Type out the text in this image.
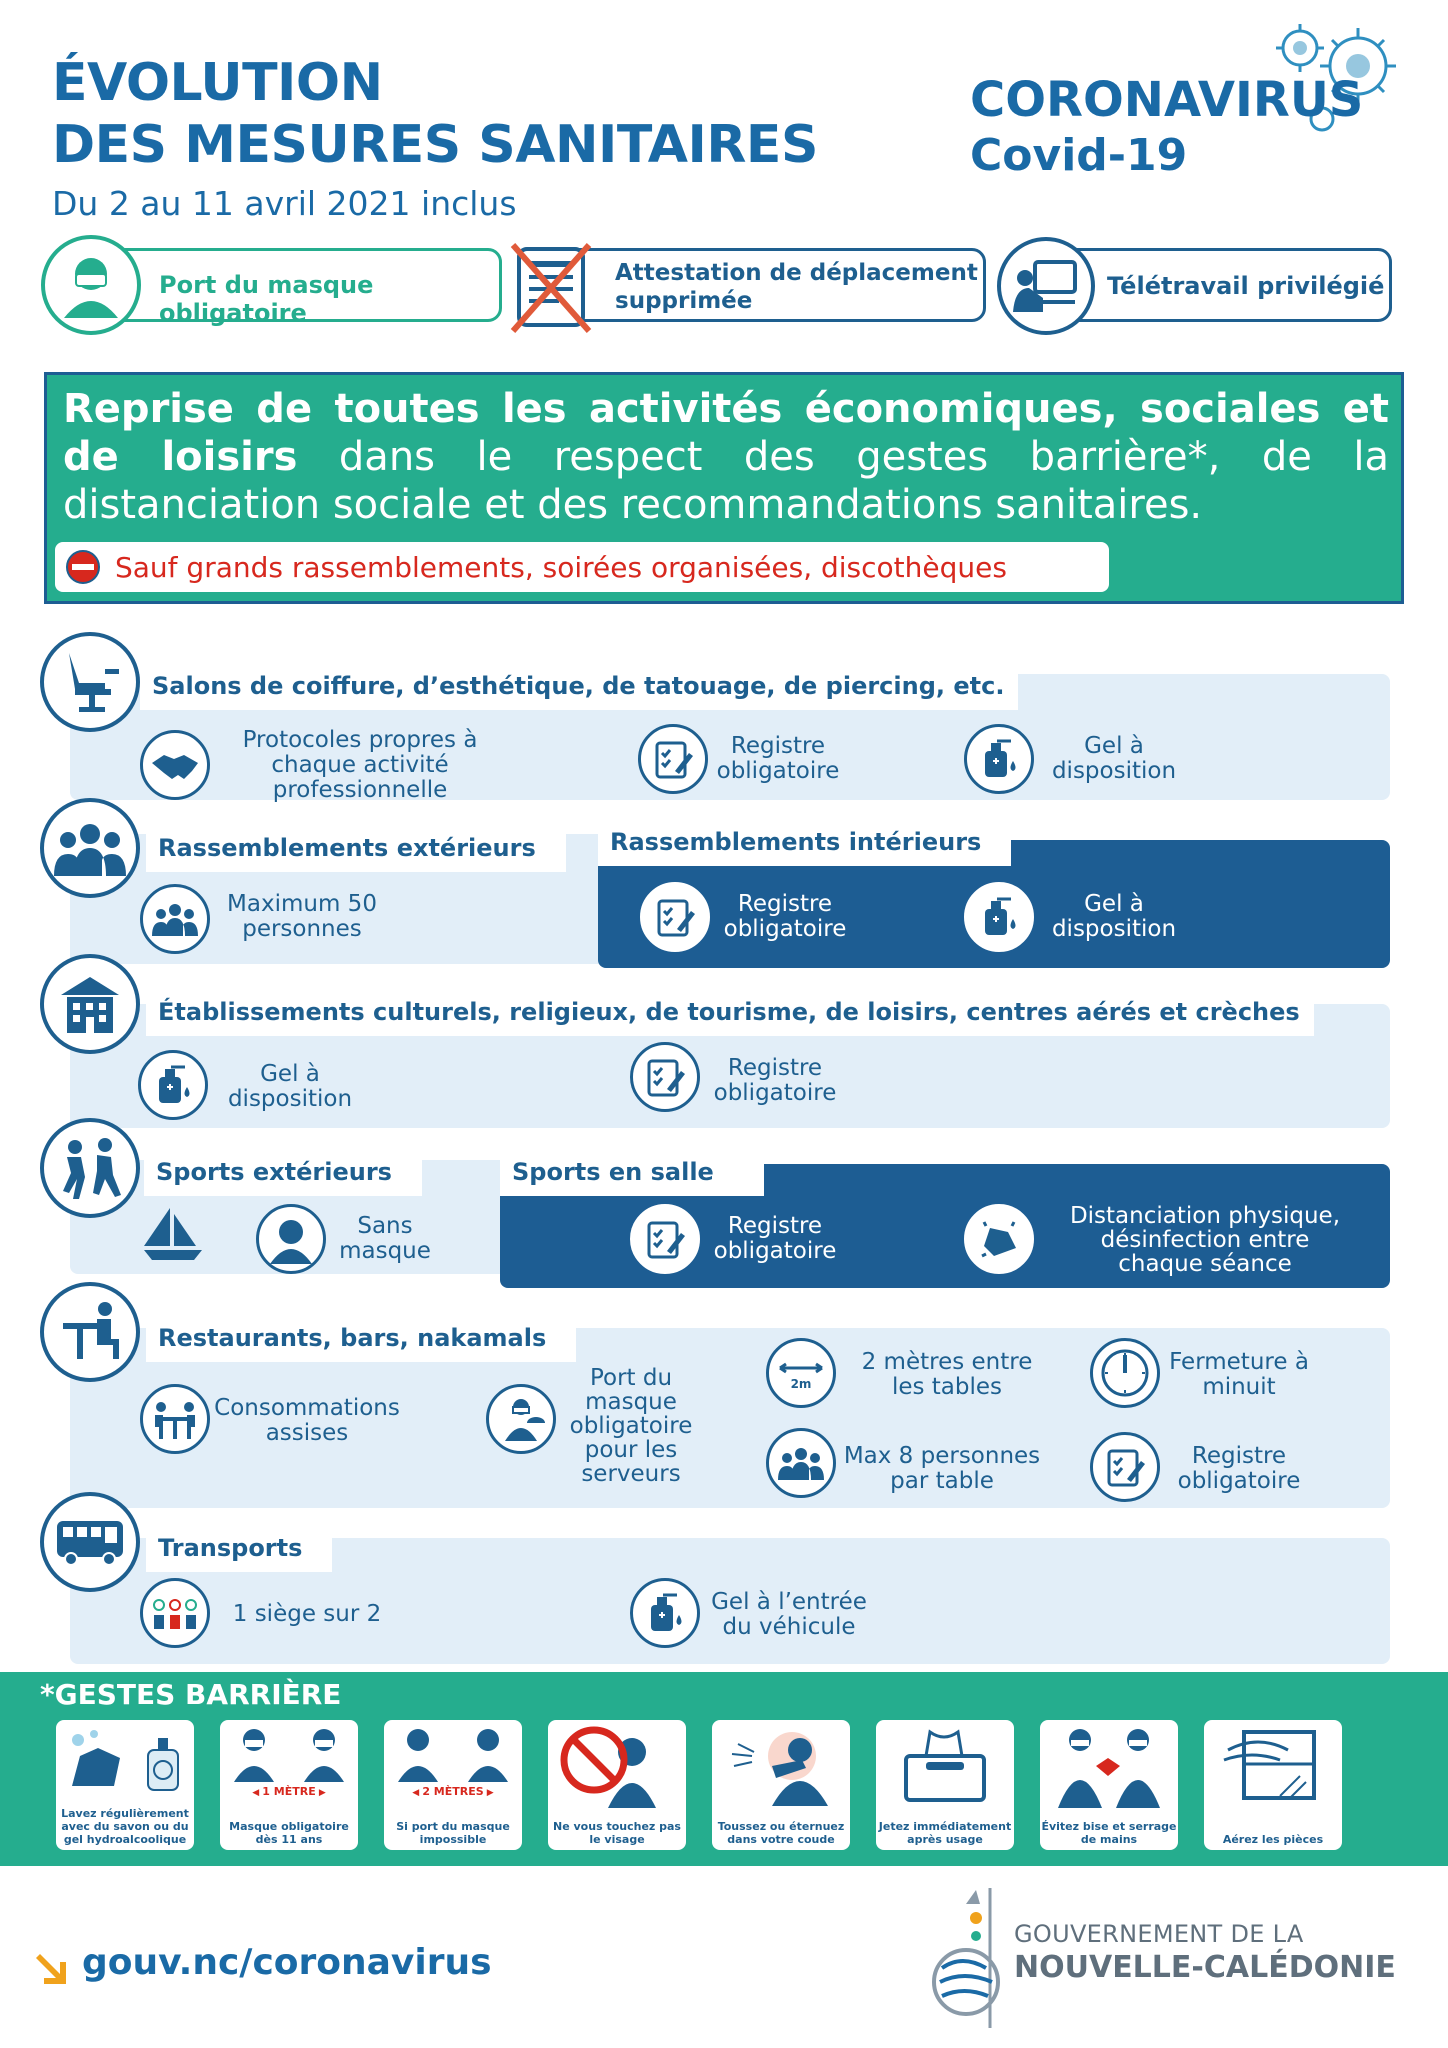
ÉVOLUTION
DES MESURES SANITAIRES
Du 2 au 11 avril 2021 inclus
CORONAVIRUS
Covid-19
Port du masque obligatoire
Attestation de déplacement supprimée
Télétravail privilégié
Reprise de toutes les activités économiques, sociales et de loisirs dans le respect des gestes barrière*, de la distanciation sociale et des recommandations sanitaires.
Sauf grands rassemblements, soirées organisées, discothèques
Salons de coiffure, d’esthétique, de tatouage, de piercing, etc.
Protocoles propres à chaque activité professionnelle
Registre obligatoire
Gel à disposition
Rassemblements extérieurs	Rassemblements intérieurs
Maximum 50 personnes
Registre obligatoire
Gel à disposition
Établissements culturels, religieux, de tourisme, de loisirs, centres aérés et crèches
Gel à disposition
Registre obligatoire
Sports extérieurs	Sports en salle
Sans masque
Registre obligatoire
Distanciation physique, désinfection entre chaque séance
Restaurants, bars, nakamals
Consommations assises
Port du masque obligatoire pour les serveurs
2m
2 mètres entre les tables
Fermeture à minuit
Max 8 personnes par table
Registre obligatoire
Transports
1 siège sur 2	Gel à l’entrée du véhicule
*GESTES BARRIÈRE
Lavez régulièrement avec du savon ou du gel hydroalcoolique
◀ 1 MÈTRE ▶
Masque obligatoire dès 11 ans
◀ 2 MÈTRES ▶
Si port du masque impossible
Ne vous touchez pas le visage
Toussez ou éternuez dans votre coude
Jetez immédiatement après usage
Évitez bise et serrage de mains	Aérez les pièces
gouv.nc/coronavirus
GOUVERNEMENT DE LA
NOUVELLE-CALÉDONIE
